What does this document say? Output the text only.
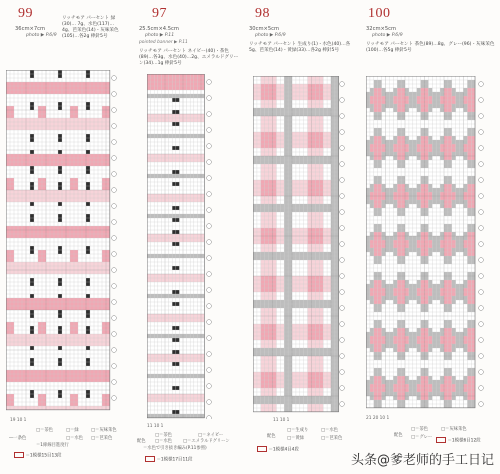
99
36cm×7cm
photo ▶ P.6/9
リッチモア パーセント 緑(30)… 7g、水色(117)…4g、芭茉色(14)・灰味茉色(105)…各2g 棒針5号
19 10 1
―一条色
□＝茶色	□＝緑	□＝灰味茉色
□＝水色 □＝芭茉色
＝1條線目進度行
＝1模様15目13段
97
25.5cm×4.5cm
photo ▶ P.11
pointed banner ▶ P.11
リッチモア パーセント ネイビー(40)・茶色(89)…各3g、水色(40)…2g、エメラルドグリーン(34)…1g 棒針5号
11 10 1
配色
□＝ネイビー
□＝茶色
□＝水色	□＝エメラルドグリーン
＝水色で引き抜き編み(P.11参照)
＝1模様17目11段
98
30cm×5cm
photo ▶ P.6/9
リッチモア パーセント 生成り(1)・水色(40)…各5g、芭茉色(14)・黄緑(33)…各2g 棒針5号
11 10 1
配色
□＝生成り	□＝水色
□＝黄緑	□＝芭茉色
＝1模様4目4段
100
32cm×5cm
photo ▶ P.6/9
リッチモア パーセント 茶色(89)…8g、グレー(96)・灰味茉色(100)…各5g 棒針5号
21 20 10 1
配色
□＝茶色
□＝グレー
□＝灰味茉色
＝1模様6目12段
头条@爹老师的手工日记
